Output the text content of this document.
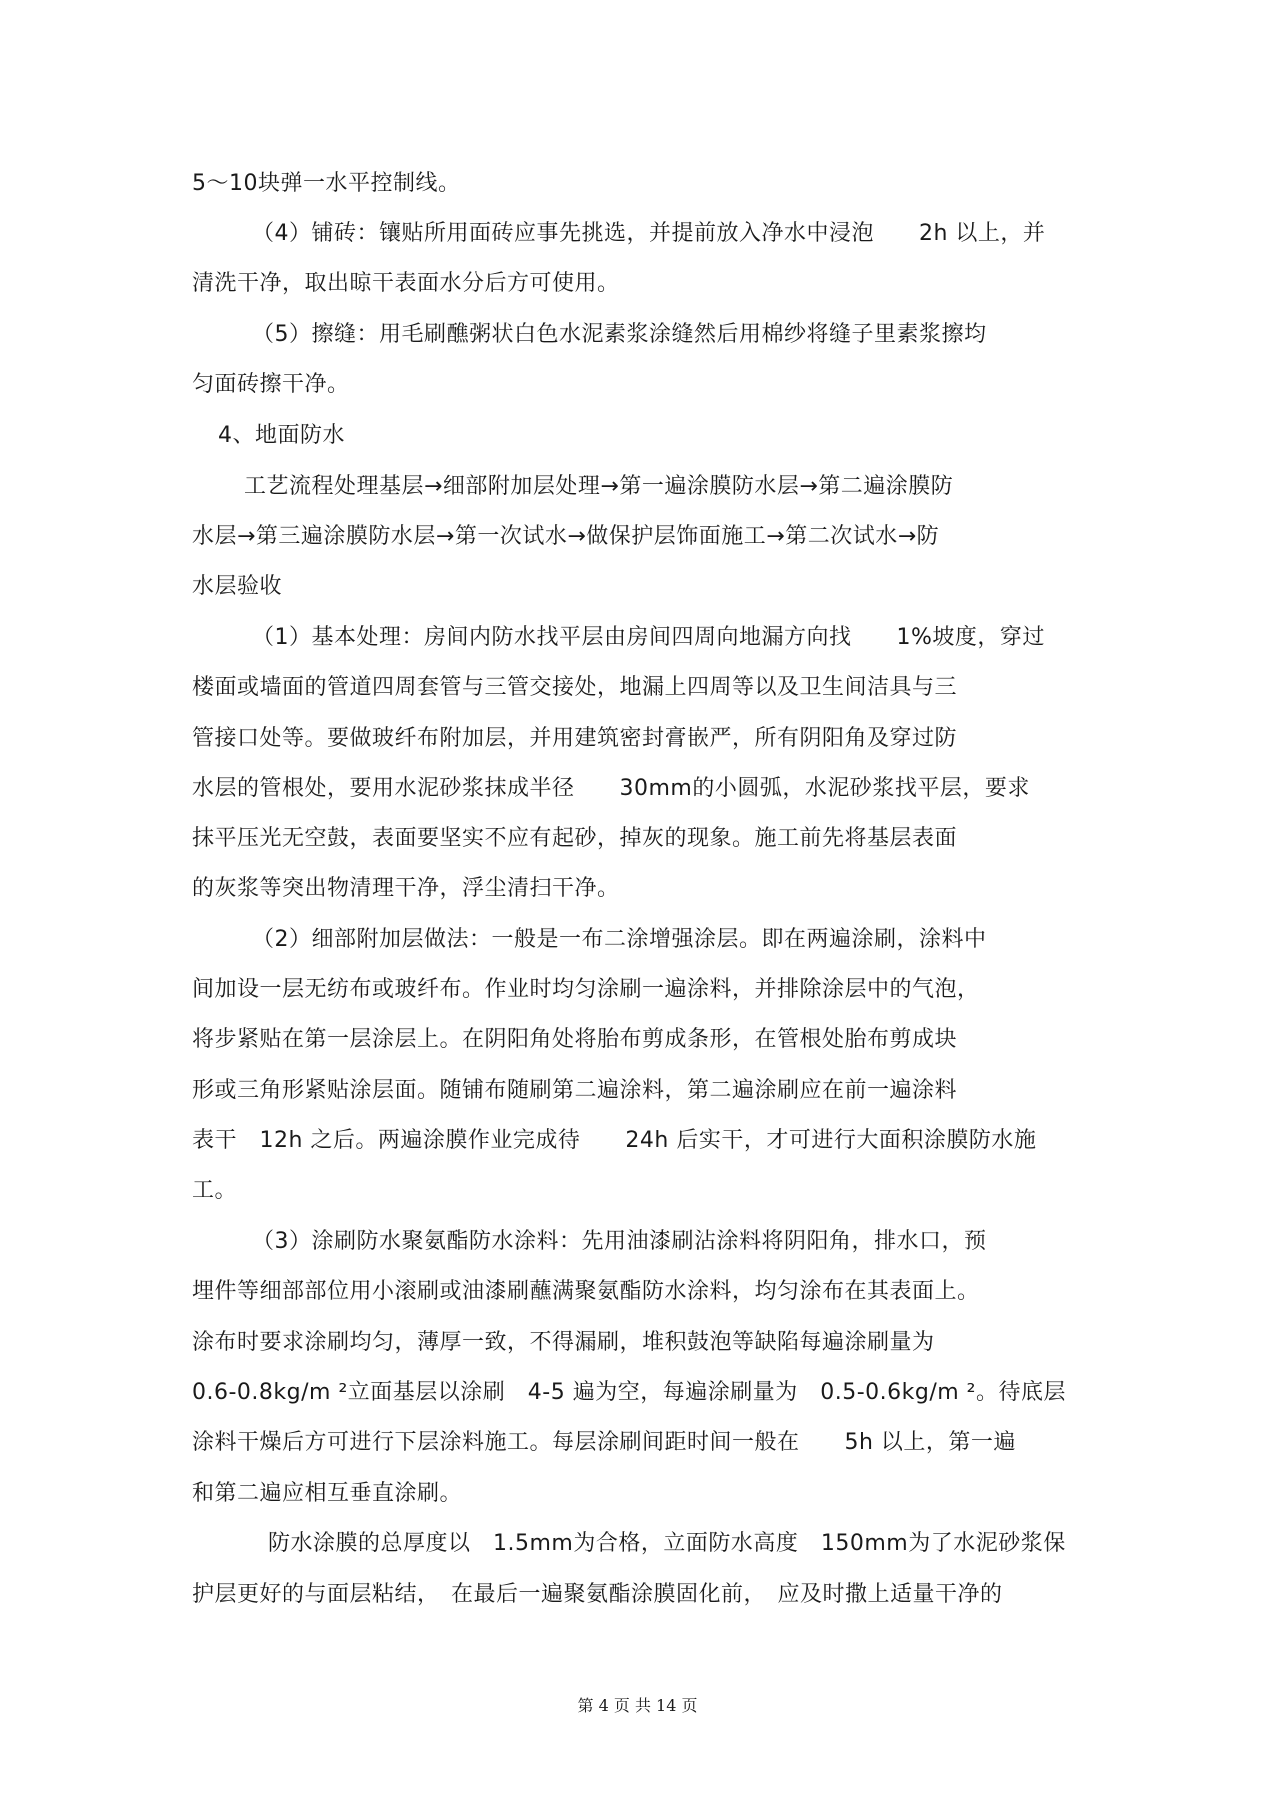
5～10块弹一水平控制线。
（4）铺砖：镶贴所用面砖应事先挑选，并提前放入净水中浸泡　　2h 以上，并
清洗干净，取出晾干表面水分后方可使用。
（5）擦缝：用毛刷醮粥状白色水泥素浆涂缝然后用棉纱将缝子里素浆擦均
匀面砖擦干净。
4、地面防水
工艺流程处理基层→细部附加层处理→第一遍涂膜防水层→第二遍涂膜防
水层→第三遍涂膜防水层→第一次试水→做保护层饰面施工→第二次试水→防
水层验收
（1）基本处理：房间内防水找平层由房间四周向地漏方向找　　1%坡度，穿过
楼面或墙面的管道四周套管与三管交接处，地漏上四周等以及卫生间洁具与三
管接口处等。要做玻纤布附加层，并用建筑密封膏嵌严，所有阴阳角及穿过防
水层的管根处，要用水泥砂浆抹成半径　　30mm的小圆弧，水泥砂浆找平层，要求
抹平压光无空鼓，表面要坚实不应有起砂，掉灰的现象。施工前先将基层表面
的灰浆等突出物清理干净，浮尘清扫干净。
（2）细部附加层做法：一般是一布二涂增强涂层。即在两遍涂刷，涂料中
间加设一层无纺布或玻纤布。作业时均匀涂刷一遍涂料，并排除涂层中的气泡，
将步紧贴在第一层涂层上。在阴阳角处将胎布剪成条形，在管根处胎布剪成块
形或三角形紧贴涂层面。随铺布随刷第二遍涂料，第二遍涂刷应在前一遍涂料
表干　12h 之后。两遍涂膜作业完成待　　24h 后实干，才可进行大面积涂膜防水施
工。
（3）涂刷防水聚氨酯防水涂料：先用油漆刷沾涂料将阴阳角，排水口，预
埋件等细部部位用小滚刷或油漆刷蘸满聚氨酯防水涂料，均匀涂布在其表面上。
涂布时要求涂刷均匀，薄厚一致，不得漏刷，堆积鼓泡等缺陷每遍涂刷量为
0.6-0.8kg/m ²立面基层以涂刷　4-5 遍为空，每遍涂刷量为　0.5-0.6kg/m ²。待底层
涂料干燥后方可进行下层涂料施工。每层涂刷间距时间一般在　　5h 以上，第一遍
和第二遍应相互垂直涂刷。
防水涂膜的总厚度以　1.5mm为合格，立面防水高度　150mm为了水泥砂浆保
护层更好的与面层粘结，　在最后一遍聚氨酯涂膜固化前，　应及时撒上适量干净的
第 4 页 共 14 页
